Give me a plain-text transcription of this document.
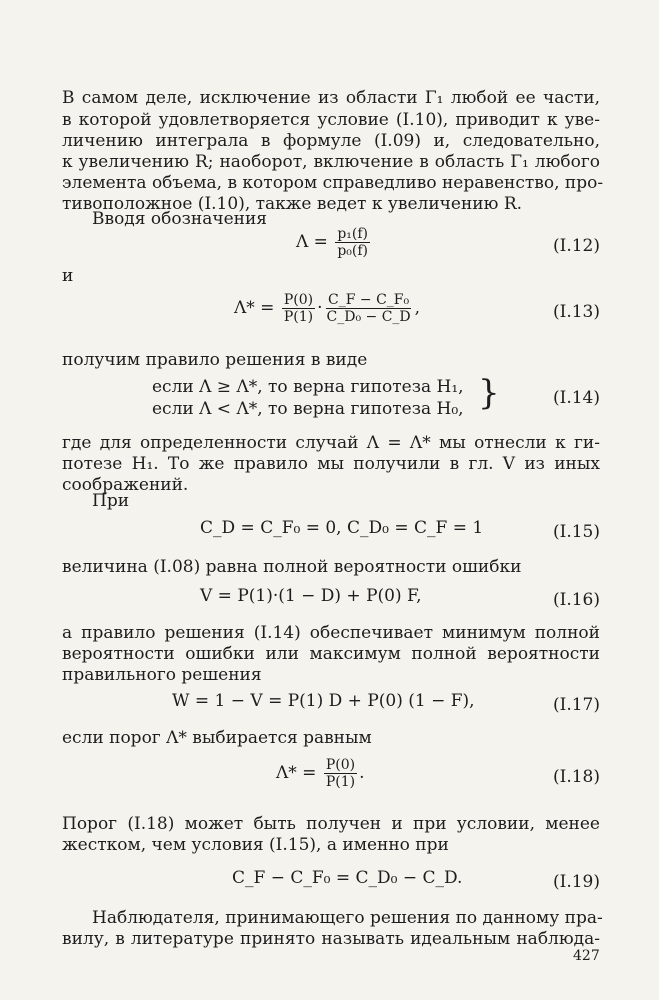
В самом деле, исключение из области Γ₁ любой ее части,
в которой удовлетворяется условие (I.10), приводит к уве-
личению интеграла в формуле (I.09) и, следовательно,
к увеличению R; наоборот, включение в область Γ₁ любого
элемента объема, в котором справедливо неравенство, про-
тивоположное (I.10), также ведет к увеличению R.
Вводя обозначения
$\Lambda = \frac{\text{p₁(f)}}{\text{p₀(f)}}$	(I.12)
и
$\Lambda* = \frac{P(0)}{P(1)} \cdot \frac{\text{C\_F − C\_F₀}}{\text{C\_D₀ − C\_D}}$ ,	(I.13)
получим правило решения в виде
если Λ ≥ Λ*, то верна гипотеза H₁,
если Λ < Λ*, то верна гипотеза H₀, }	(I.14)
где для определенности случай Λ = Λ* мы отнесли к ги-
потезе H₁. То же правило мы получили в гл. V из иных
соображений.
При
C_D = C_F₀ = 0, C_D₀ = C_F = 1	(I.15)
величина (I.08) равна полной вероятности ошибки
V = P(1)·(1 − D) + P(0) F,	(I.16)
а правило решения (I.14) обеспечивает минимум полной
вероятности ошибки или максимум полной вероятности
правильного решения
W = 1 − V = P(1) D + P(0) (1 − F),	(I.17)
если порог Λ* выбирается равным
$\Lambda* = \frac{P(0)}{P(1)}$ .	(I.18)
Порог (I.18) может быть получен и при условии, менее
жестком, чем условия (I.15), а именно при
C_F − C_F₀ = C_D₀ − C_D.	(I.19)
Наблюдателя, принимающего решения по данному пра-
вилу, в литературе принято называть идеальным наблюда-
427
